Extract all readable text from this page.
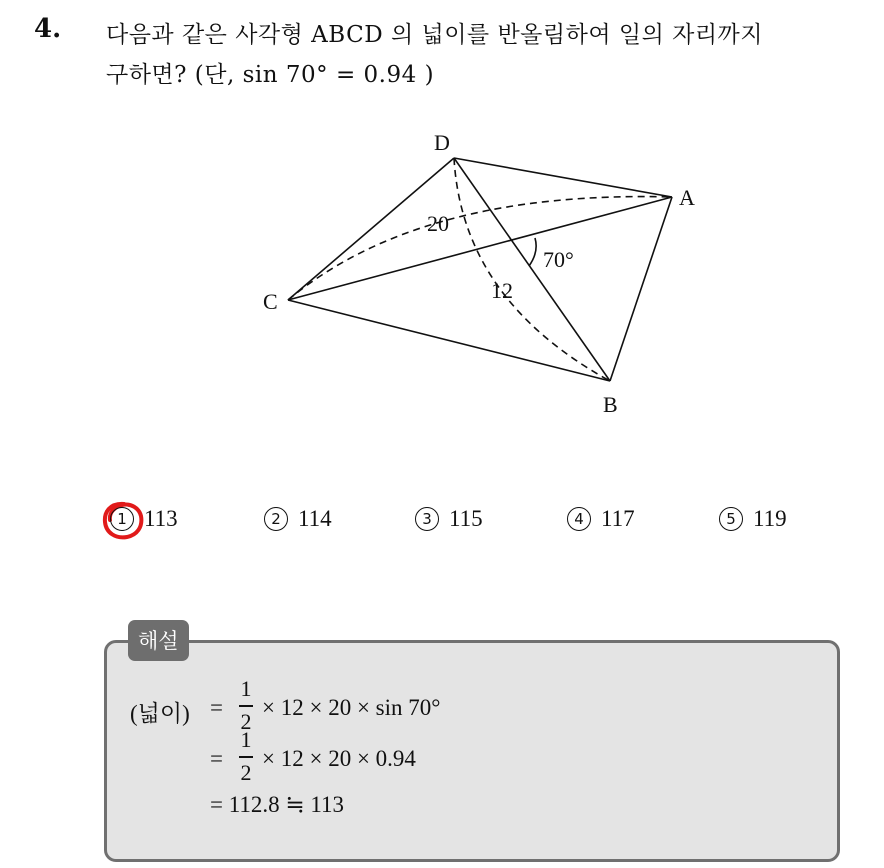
4. 다음과 같은 사각형 ABCD 의 넓이를 반올림하여 일의 자리까지
구하면? (단, sin 70° = 0.94 )
D
A
C
B
20
12
70°
1 113	2 114	3 115	4 117	5 119
해설
(넓이) =
1
2
× 12 × 20 × sin 70°
=
1
2
× 12 × 20 × 0.94
= 112.8 ≒ 113
